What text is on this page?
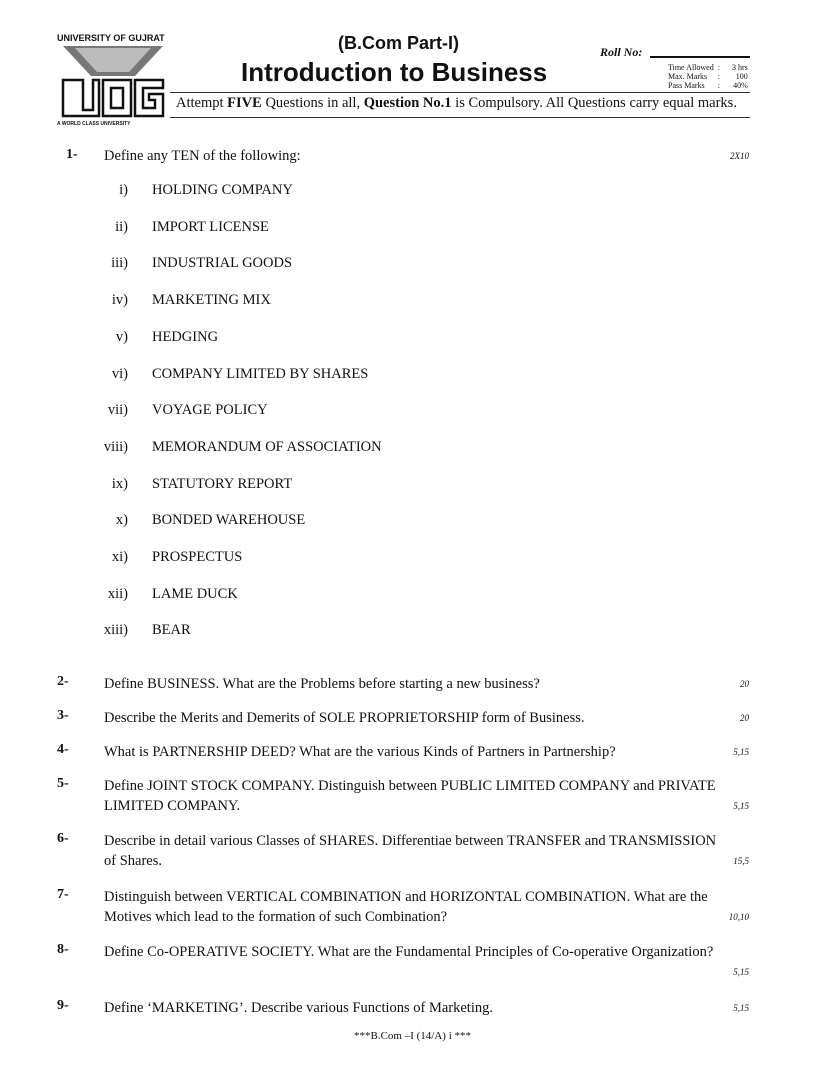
UNIVERSITY OF GUJRAT
A WORLD CLASS UNIVERSITY
(B.Com Part-I)
Introduction to Business
Roll No:
Time Allowed	:	3 hrs
Max. Marks	:	100
Pass Marks	:	40%
Attempt FIVE Questions in all, Question No.1 is Compulsory. All Questions carry equal marks.
1- Define any TEN of the following:	2X10
i) HOLDING COMPANY
ii) IMPORT LICENSE
iii) INDUSTRIAL GOODS
iv) MARKETING MIX
v) HEDGING
vi) COMPANY LIMITED BY SHARES
vii) VOYAGE POLICY
viii) MEMORANDUM OF ASSOCIATION
ix) STATUTORY REPORT
x) BONDED WAREHOUSE
xi) PROSPECTUS
xii) LAME DUCK
xiii) BEAR
2- Define BUSINESS. What are the Problems before starting a new business?	20
3- Describe the Merits and Demerits of SOLE PROPRIETORSHIP form of Business.	20
4- What is PARTNERSHIP DEED? What are the various Kinds of Partners in Partnership?	5,15
5- Define JOINT STOCK COMPANY. Distinguish between PUBLIC LIMITED COMPANY and PRIVATE LIMITED COMPANY.	5,15
6- Describe in detail various Classes of SHARES. Differentiae between TRANSFER and TRANSMISSION of Shares.	15,5
7- Distinguish between VERTICAL COMBINATION and HORIZONTAL COMBINATION. What are the Motives which lead to the formation of such Combination?	10,10
8- Define Co-OPERATIVE SOCIETY. What are the Fundamental Principles of Co-operative Organization?
5,15
9- Define ‘MARKETING’. Describe various Functions of Marketing.	5,15
***B.Com –I (14/A) i ***
